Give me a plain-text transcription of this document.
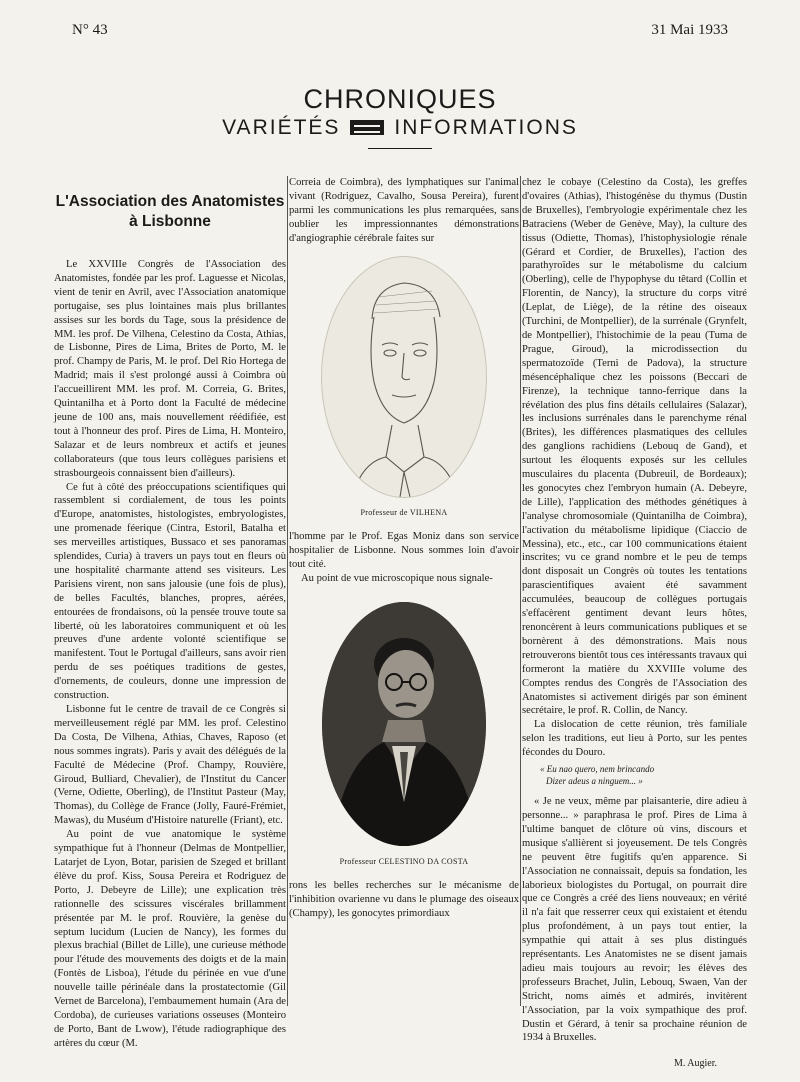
N° 43	31 Mai 1933
CHRONIQUES
VARIÉTÉS	INFORMATIONS
L'Association des Anatomistes à Lisbonne

Le XXVIIIe Congrès de l'Association des Anatomistes, fondée par les prof. Laguesse et Nicolas, vient de tenir en Avril, avec l'Association anatomique portugaise, ses plus lointaines mais plus brillantes assises sur les bords du Tage, sous la présidence de MM. les prof. De Vilhena, Celestino da Costa, Athias, de Lisbonne, Pires de Lima, Brites de Porto, M. le prof. Champy de Paris, M. le prof. Del Rio Hortega de Madrid; mais il s'est prolongé aussi à Coimbra où l'accueillirent MM. les prof. M. Correia, G. Brites, Quintanilha et à Porto dont la Faculté de médecine jeune de 100 ans, mais nouvellement réédifiée, est tout à l'honneur des prof. Pires de Lima, H. Monteiro, Salazar et de leurs nombreux et actifs et jeunes collaborateurs (que tous leurs collègues parisiens et strasbourgeois connaissent bien d'ailleurs).

Ce fut à côté des préoccupations scientifiques qui rassemblent si cordialement, de tous les points d'Europe, anatomistes, histologistes, embryologistes, une promenade féerique (Cintra, Estoril, Batalha et ses merveilles artistiques, Bussaco et ses panoramas splendides, Curia) à travers un pays tout en fleurs où une hospitalité charmante attend ses visiteurs. Les Parisiens virent, non sans jalousie (une fois de plus), de belles Facultés, blanches, propres, aérées, entourées de frondaisons, où la pensée trouve toute sa liberté, où les laboratoires communiquent et où les preuves d'une ardente volonté scientifique se manifestent. Tout le Portugal d'ailleurs, sans avoir rien perdu de ses poétiques traditions de gestes, d'ornements, de couleurs, donne une impression de construction.

Lisbonne fut le centre de travail de ce Congrès si merveilleusement réglé par MM. les prof. Celestino Da Costa, De Vilhena, Athias, Chaves, Raposo (et nous sommes ingrats). Paris y avait des délégués de la Faculté de Médecine (Prof. Champy, Rouvière, Giroud, Bulliard, Chevalier), de l'Institut du Cancer (Verne, Odiette, Oberling), de l'Institut Pasteur (May, Thomas), du Collège de France (Jolly, Fauré-Frémiet, Mawas), du Muséum d'Histoire naturelle (Friant), etc.

Au point de vue anatomique le système sympathique fut à l'honneur (Delmas de Montpellier, Latarjet de Lyon, Botar, parisien de Szeged et brillant élève du prof. Kiss, Sousa Pereira et Rodriguez de Porto, J. Debeyre de Lille); une explication très rationnelle des scissures viscérales brillamment présentée par M. le prof. Rouvière, la genèse du septum lucidum (Lucien de Nancy), les formes du plexus brachial (Billet de Lille), une curieuse méthode pour l'étude des mouvements des doigts et de la main (Fontès de Lisboa), l'étude du périnée en vue d'une nouvelle taille périnéale dans la prostatectomie (Gil Vernet de Barcelona), l'embaumement humain (Ara de Cordoba), de curieuses variations osseuses (Monteiro de Porto, Bant de Lwow), l'étude radiographique des artères du cœur (M.

Correia de Coimbra), des lymphatiques sur l'animal vivant (Rodriguez, Cavalho, Sousa Pereira), furent parmi les communications les plus remarquées, sans oublier les impressionnantes démonstrations d'angiographie cérébrale faites sur

Professeur de VILHENA

l'homme par le Prof. Egas Moniz dans son service hospitalier de Lisbonne. Nous sommes loin d'avoir tout cité.

Au point de vue microscopique nous signale-

Professeur CELESTINO DA COSTA

rons les belles recherches sur le mécanisme de l'inhibition ovarienne vu dans le plumage des oiseaux (Champy), les gonocytes primordiaux

chez le cobaye (Celestino da Costa), les greffes d'ovaires (Athias), l'histogénèse du thymus (Dustin de Bruxelles), l'embryologie expérimentale chez les Batraciens (Weber de Genève, May), la culture des tissus (Odiette, Thomas), l'histophysiologie rénale (Gérard et Cordier, de Bruxelles), l'action des parathyroïdes sur le métabolisme du calcium (Oberling), celle de l'hypophyse du têtard (Collin et Florentin, de Nancy), la structure du corps vitré (Leplat, de Liège), de la rétine des oiseaux (Turchini, de Montpellier), de la surrénale (Grynfelt, de Montpellier), l'histochimie de la peau (Tuma de Prague, Giroud), la microdissection du spermatozoïde (Terni de Padova), la structure mésencéphalique chez les poissons (Beccari de Firenze), la technique tanno-ferrique dans la révélation des plus fins détails cellulaires (Salazar), les inclusions surrénales dans le parenchyme rénal (Brites), les différences plasmatiques des cellules des ganglions rachidiens (Lebouq de Gand), et surtout les éloquents exposés sur les cellules musculaires du placenta (Dubreuil, de Bordeaux); les gonocytes chez l'embryon humain (A. Debeyre, de Lille), l'application des méthodes génétiques à l'analyse chromosomiale (Quintanilha de Coimbra), l'activation du métabolisme lipidique (Ciaccio de Messina), etc., etc., car 100 communications étaient inscrites; vu ce grand nombre et le peu de temps dont disposait un Congrès où toutes les tentations parascientifiques avaient été savamment accumulées, beaucoup de collègues portugais s'effacèrent gentiment devant leurs hôtes, renoncèrent à leurs communications publiques et se bornèrent à des démonstrations. Mais nous retrouverons bientôt tous ces intéressants travaux qui formeront la matière du XXVIIIe volume des Comptes rendus des Congrès de l'Association des Anatomistes si activement dirigés par son éminent secrétaire, le prof. R. Collin, de Nancy.

La dislocation de cette réunion, très familiale selon les traditions, eut lieu à Porto, sur les pentes fécondes du Douro.

« Eu nao quero, nem brincando
Dizer adeus a ninguem... »

« Je ne veux, même par plaisanterie, dire adieu à personne... » paraphrasa le prof. Pires de Lima à l'ultime banquet de clôture où vins, discours et musique s'allièrent si joyeusement. De tels Congrès ne peuvent être fugitifs qu'en apparence. Si l'Association ne connaissait, depuis sa fondation, les laborieux biologistes du Portugal, on pourrait dire que ce Congrès a créé des liens nouveaux; en vérité il n'a fait que resserrer ceux qui existaient et étendu plus profondément, à un pays tout entier, la sympathie qui attait à ses plus distingués représentants. Les Anatomistes ne se disent jamais adieu mais toujours au revoir; les élèves des professeurs Brachet, Julin, Lebouq, Swaen, Van der Stricht, noms aimés et admirés, invitèrent l'Association, par la voix sympathique des prof. Dustin et Gérard, à tenir sa prochaine réunion de 1934 à Bruxelles.

M. Augier.
